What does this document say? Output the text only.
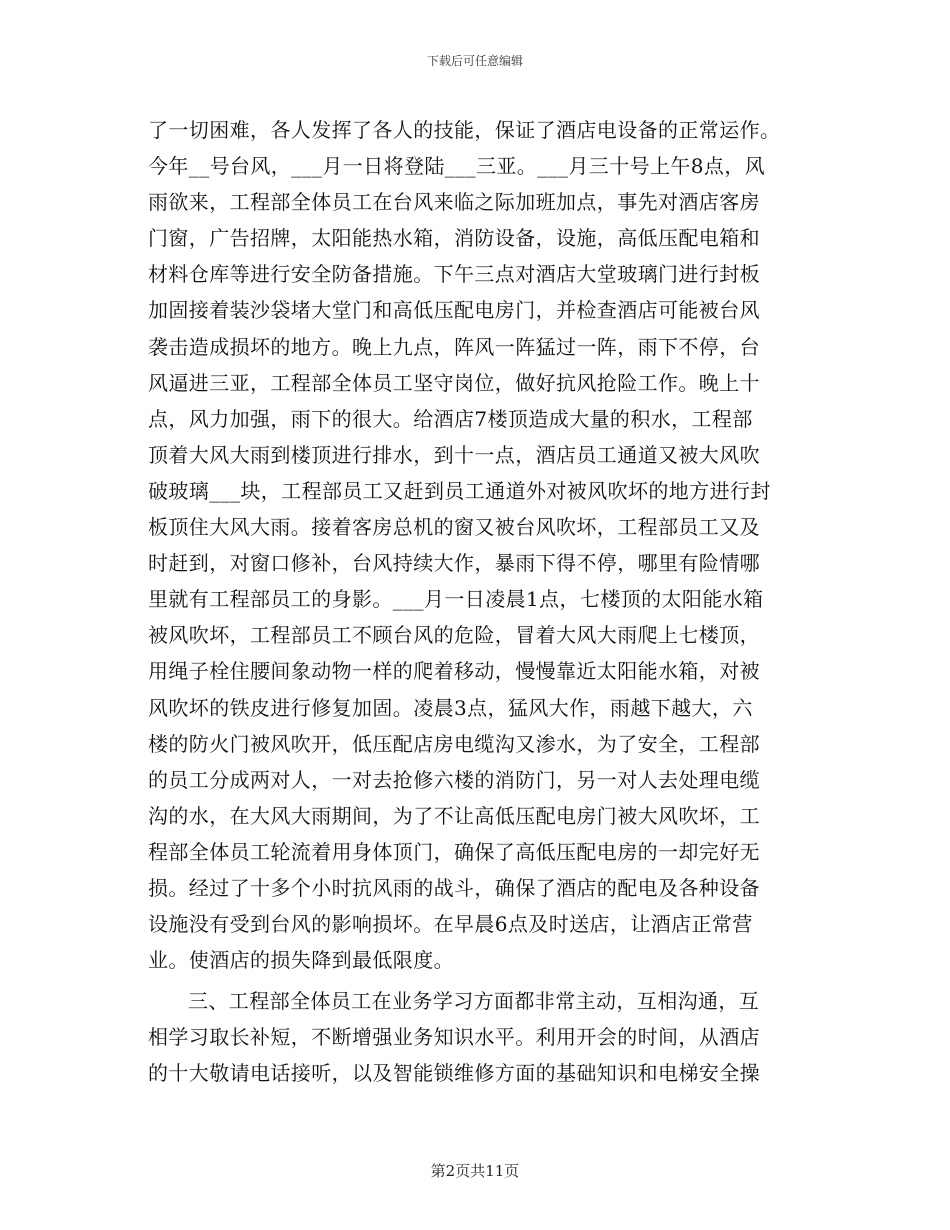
下载后可任意编辑
了一切困难，各人发挥了各人的技能，保证了酒店电设备的正常运作。
今年__号台风，___月一日将登陆___三亚。___月三十号上午8点，风
雨欲来，工程部全体员工在台风来临之际加班加点，事先对酒店客房
门窗，广告招牌，太阳能热水箱，消防设备，设施，高低压配电箱和
材料仓库等进行安全防备措施。下午三点对酒店大堂玻璃门进行封板
加固接着装沙袋堵大堂门和高低压配电房门，并检查酒店可能被台风
袭击造成损坏的地方。晚上九点，阵风一阵猛过一阵，雨下不停，台
风逼进三亚，工程部全体员工坚守岗位，做好抗风抢险工作。晚上十
点，风力加强，雨下的很大。给酒店7楼顶造成大量的积水，工程部
顶着大风大雨到楼顶进行排水，到十一点，酒店员工通道又被大风吹
破玻璃___块，工程部员工又赶到员工通道外对被风吹坏的地方进行封
板顶住大风大雨。接着客房总机的窗又被台风吹坏，工程部员工又及
时赶到，对窗口修补，台风持续大作，暴雨下得不停，哪里有险情哪
里就有工程部员工的身影。___月一日凌晨1点，七楼顶的太阳能水箱
被风吹坏，工程部员工不顾台风的危险，冒着大风大雨爬上七楼顶，
用绳子栓住腰间象动物一样的爬着移动，慢慢靠近太阳能水箱，对被
风吹坏的铁皮进行修复加固。凌晨3点，猛风大作，雨越下越大，六
楼的防火门被风吹开，低压配店房电缆沟又渗水，为了安全，工程部
的员工分成两对人，一对去抢修六楼的消防门，另一对人去处理电缆
沟的水，在大风大雨期间，为了不让高低压配电房门被大风吹坏，工
程部全体员工轮流着用身体顶门，确保了高低压配电房的一却完好无
损。经过了十多个小时抗风雨的战斗，确保了酒店的配电及各种设备
设施没有受到台风的影响损坏。在早晨6点及时送店，让酒店正常营
业。使酒店的损失降到最低限度。
三、工程部全体员工在业务学习方面都非常主动，互相沟通，互
相学习取长补短，不断增强业务知识水平。利用开会的时间，从酒店
的十大敬请电话接听，以及智能锁维修方面的基础知识和电梯安全操
第2页共11页
